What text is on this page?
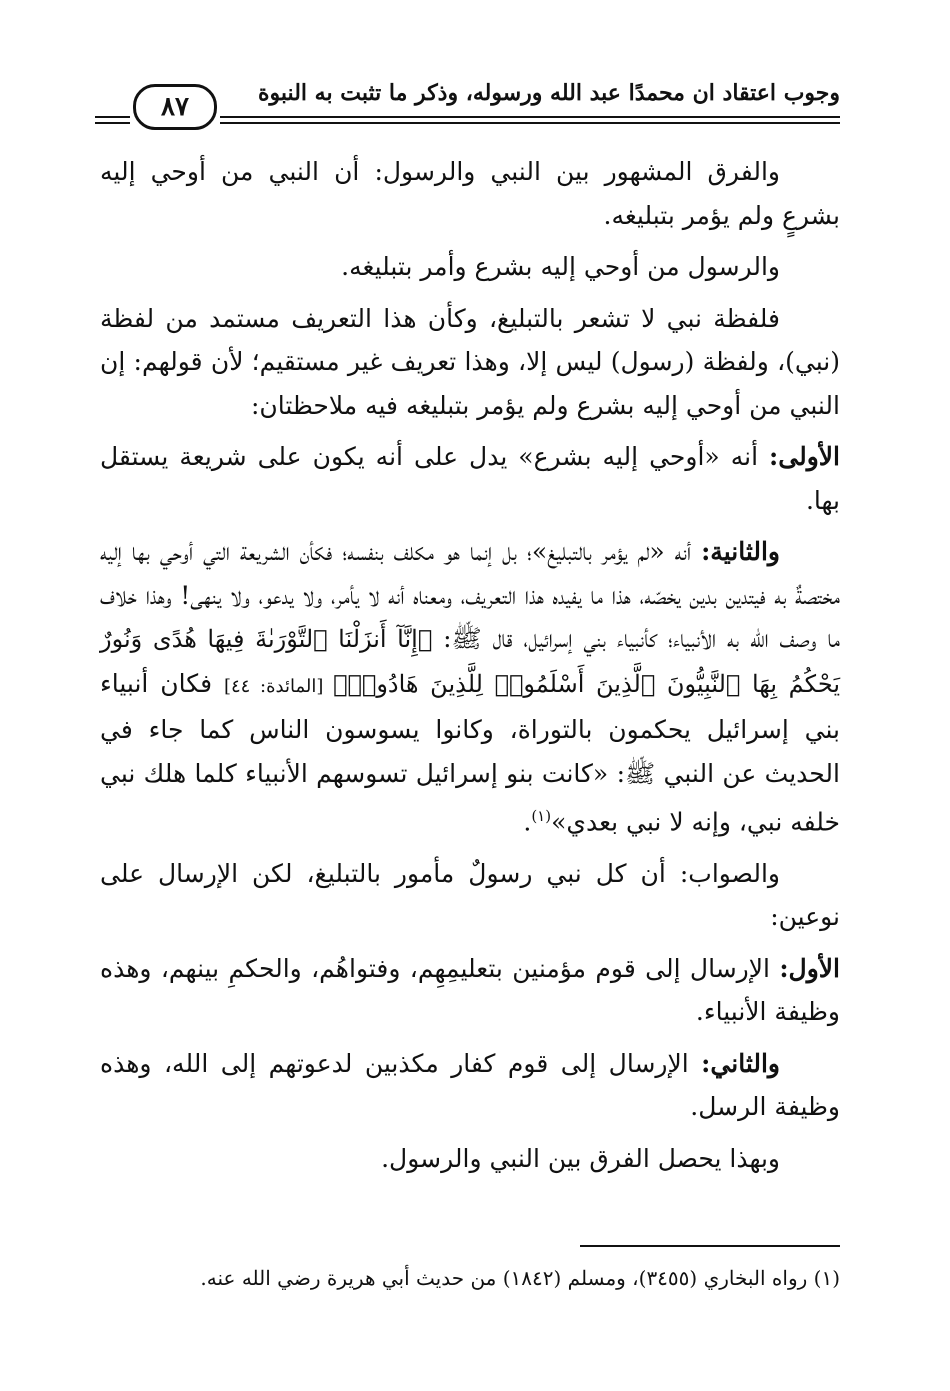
وجوب اعتقاد ان محمدًا عبد الله ورسوله، وذكر ما تثبت به النبوة
٨٧

والفرق المشهور بين النبي والرسول: أن النبي من أوحي إليه بشرعٍ ولم يؤمر بتبليغه.

والرسول من أوحي إليه بشرع وأمر بتبليغه.

فلفظة نبي لا تشعر بالتبليغ، وكأن هذا التعريف مستمد من لفظة (نبي)، ولفظة (رسول) ليس إلا، وهذا تعريف غير مستقيم؛ لأن قولهم: إن النبي من أوحي إليه بشرع ولم يؤمر بتبليغه فيه ملاحظتان:

الأولى: أنه «أوحي إليه بشرع» يدل على أنه يكون على شريعة يستقل بها.

والثانية: أنه «لم يؤمر بالتبليغ»؛ بل إنما هو مكلف بنفسه؛ فكأن الشريعة التي أوحي بها إليه مختصةٌ به فيتدين بدين يخصّه، هذا ما يفيده هذا التعريف، ومعناه أنه لا يأمر، ولا يدعو، ولا ينهى! وهذا خلاف ما وصف الله به الأنبياء؛ كأنبياء بني إسرائيل، قال ﷺ: ﴿إِنَّآ أَنزَلْنَا ٱلتَّوْرَىٰةَ فِيهَا هُدًى وَنُورٌ يَحْكُمُ بِهَا ٱلنَّبِيُّونَ ٱلَّذِينَ أَسْلَمُوا۟ لِلَّذِينَ هَادُوا۟﴾ [المائدة: ٤٤] فكان أنبياء بني إسرائيل يحكمون بالتوراة، وكانوا يسوسون الناس كما جاء في الحديث عن النبي ﷺ: «كانت بنو إسرائيل تسوسهم الأنبياء كلما هلك نبي خلفه نبي، وإنه لا نبي بعدي»$^{(١)}$.

والصواب: أن كل نبي رسولٌ مأمور بالتبليغ، لكن الإرسال على نوعين:

الأول: الإرسال إلى قوم مؤمنين بتعليمِهِم، وفتواهُم، والحكمِ بينهم، وهذه وظيفة الأنبياء.

والثاني: الإرسال إلى قوم كفار مكذبين لدعوتهم إلى الله، وهذه وظيفة الرسل.

وبهذا يحصل الفرق بين النبي والرسول.

(١) رواه البخاري (٣٤٥٥)، ومسلم (١٨٤٢) من حديث أبي هريرة رضي الله عنه.
